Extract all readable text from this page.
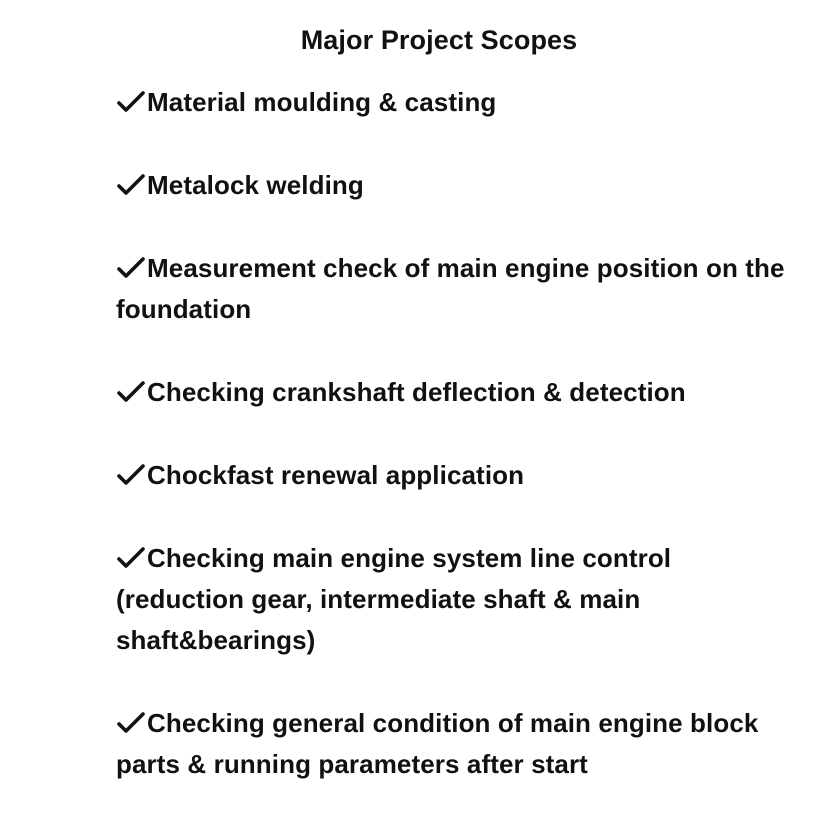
Major Project Scopes
Material moulding & casting
Metalock welding
Measurement check of main engine position on the foundation
Checking crankshaft deflection & detection
Chockfast renewal application
Checking main engine system line control (reduction gear, intermediate shaft & main shaft&bearings)
Checking general condition of main engine block parts & running parameters after start
